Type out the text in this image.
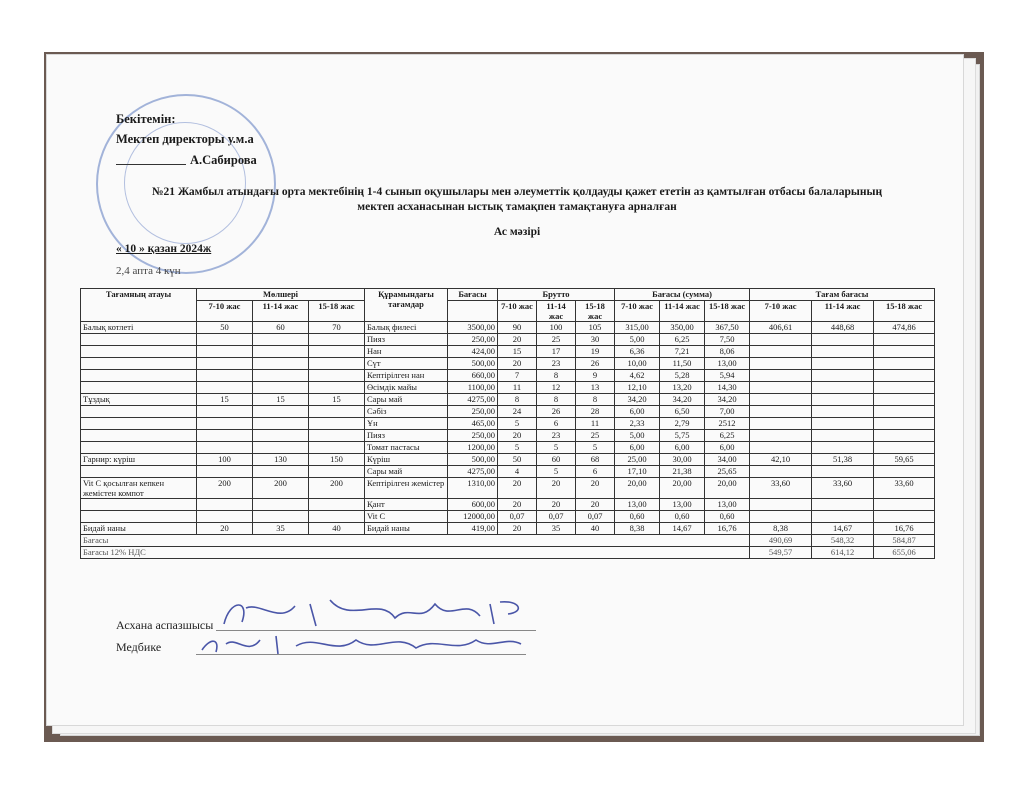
Бекітемін:
Мектеп директоры у.м.а
А.Сабирова
№21 Жамбыл атындағы орта мектебінің 1-4 сынып оқушылары мен әлеуметтік қолдауды қажет ететін аз қамтылған отбасы балаларының
мектеп асханасынан ыстық тамақпен тамақтануға арналған
Ас мәзірі
« 10 » қазан 2024ж
2,4 апта 4 күн
Тағамның атауы	Мөлшері			Құрамындағы тағамдар	Бағасы	Брутто			Бағасы (сумма)			Тағам бағасы		
	7-10 жас	11-14 жас	15-18 жас			7-10 жас	11-14 жас	15-18 жас	7-10 жас	11-14 жас	15-18 жас	7-10 жас	11-14 жас	15-18 жас
Балық котлеті	50	60	70	Балық филесі	3500,00	90	100	105	315,00	350,00	367,50	406,61	448,68	474,86
				Пияз	250,00	20	25	30	5,00	6,25	7,50			
				Нан	424,00	15	17	19	6,36	7,21	8,06			
				Сүт	500,00	20	23	26	10,00	11,50	13,00			
				Кептірілген нан	660,00	7	8	9	4,62	5,28	5,94			
				Өсімдік майы	1100,00	11	12	13	12,10	13,20	14,30			
Тұздық	15	15	15	Сары май	4275,00	8	8	8	34,20	34,20	34,20			
				Сәбіз	250,00	24	26	28	6,00	6,50	7,00			
				Ұн	465,00	5	6	11	2,33	2,79	2512			
				Пияз	250,00	20	23	25	5,00	5,75	6,25			
				Томат пастасы	1200,00	5	5	5	6,00	6,00	6,00			
Гарнир: күріш	100	130	150	Күріш	500,00	50	60	68	25,00	30,00	34,00	42,10	51,38	59,65
				Сары май	4275,00	4	5	6	17,10	21,38	25,65			
Vit C қосылған кепкен жемістен компот	200	200	200	Кептірілген жемістер	1310,00	20	20	20	20,00	20,00	20,00	33,60	33,60	33,60
				Қант	600,00	20	20	20	13,00	13,00	13,00			
				Vit C	12000,00	0,07	0,07	0,07	0,60	0,60	0,60			
Бидай наны	20	35	40	Бидай наны	419,00	20	35	40	8,38	14,67	16,76	8,38	14,67	16,76
Бағасы												490,69	548,32	584,87
Бағасы 12% НДС												549,57	614,12	655,06
Асхана аспазшысы
Медбике
